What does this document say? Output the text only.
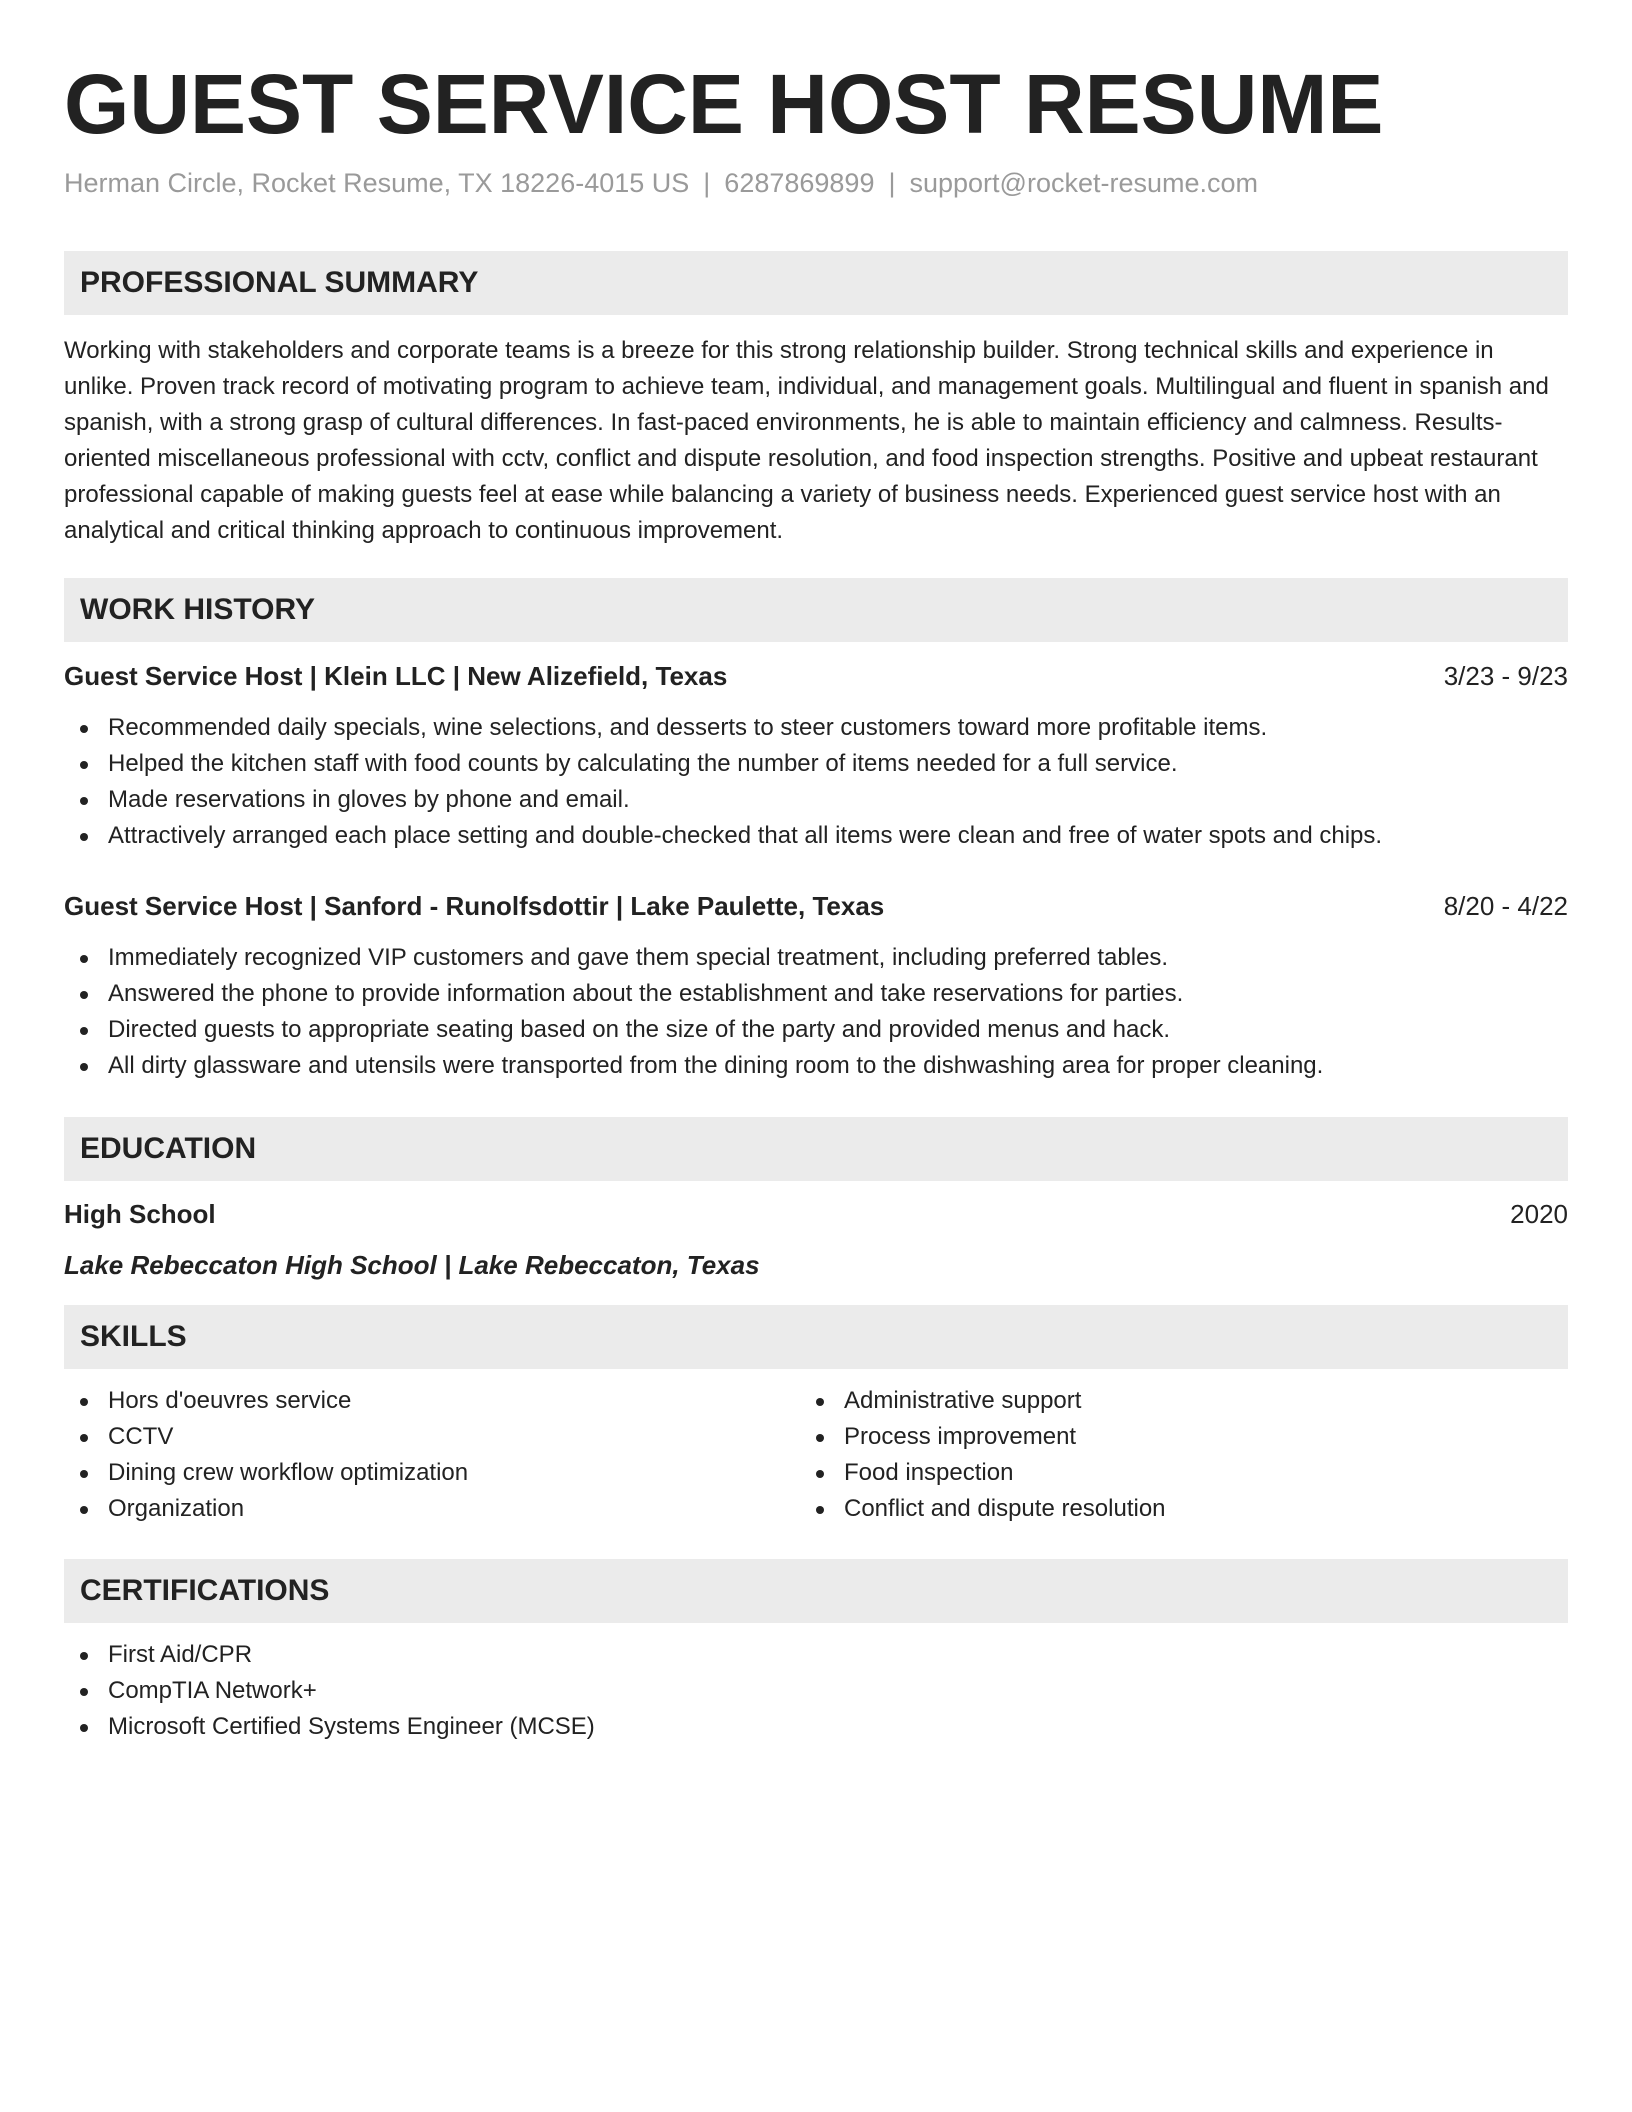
GUEST SERVICE HOST RESUME
Herman Circle, Rocket Resume, TX 18226-4015 US | 6287869899 | support@rocket-resume.com
PROFESSIONAL SUMMARY
Working with stakeholders and corporate teams is a breeze for this strong relationship builder. Strong technical skills and experience in unlike. Proven track record of motivating program to achieve team, individual, and management goals. Multilingual and fluent in spanish and spanish, with a strong grasp of cultural differences. In fast-paced environments, he is able to maintain efficiency and calmness. Results-oriented miscellaneous professional with cctv, conflict and dispute resolution, and food inspection strengths. Positive and upbeat restaurant professional capable of making guests feel at ease while balancing a variety of business needs. Experienced guest service host with an analytical and critical thinking approach to continuous improvement.
WORK HISTORY
Guest Service Host | Klein LLC | New Alizefield, Texas	3/23 - 9/23
Recommended daily specials, wine selections, and desserts to steer customers toward more profitable items.
Helped the kitchen staff with food counts by calculating the number of items needed for a full service.
Made reservations in gloves by phone and email.
Attractively arranged each place setting and double-checked that all items were clean and free of water spots and chips.
Guest Service Host | Sanford - Runolfsdottir | Lake Paulette, Texas	8/20 - 4/22
Immediately recognized VIP customers and gave them special treatment, including preferred tables.
Answered the phone to provide information about the establishment and take reservations for parties.
Directed guests to appropriate seating based on the size of the party and provided menus and hack.
All dirty glassware and utensils were transported from the dining room to the dishwashing area for proper cleaning.
EDUCATION
High School	2020
Lake Rebeccaton High School | Lake Rebeccaton, Texas
SKILLS
Hors d'oeuvres service
CCTV
Dining crew workflow optimization
Organization
Administrative support
Process improvement
Food inspection
Conflict and dispute resolution
CERTIFICATIONS
First Aid/CPR
CompTIA Network+
Microsoft Certified Systems Engineer (MCSE)
